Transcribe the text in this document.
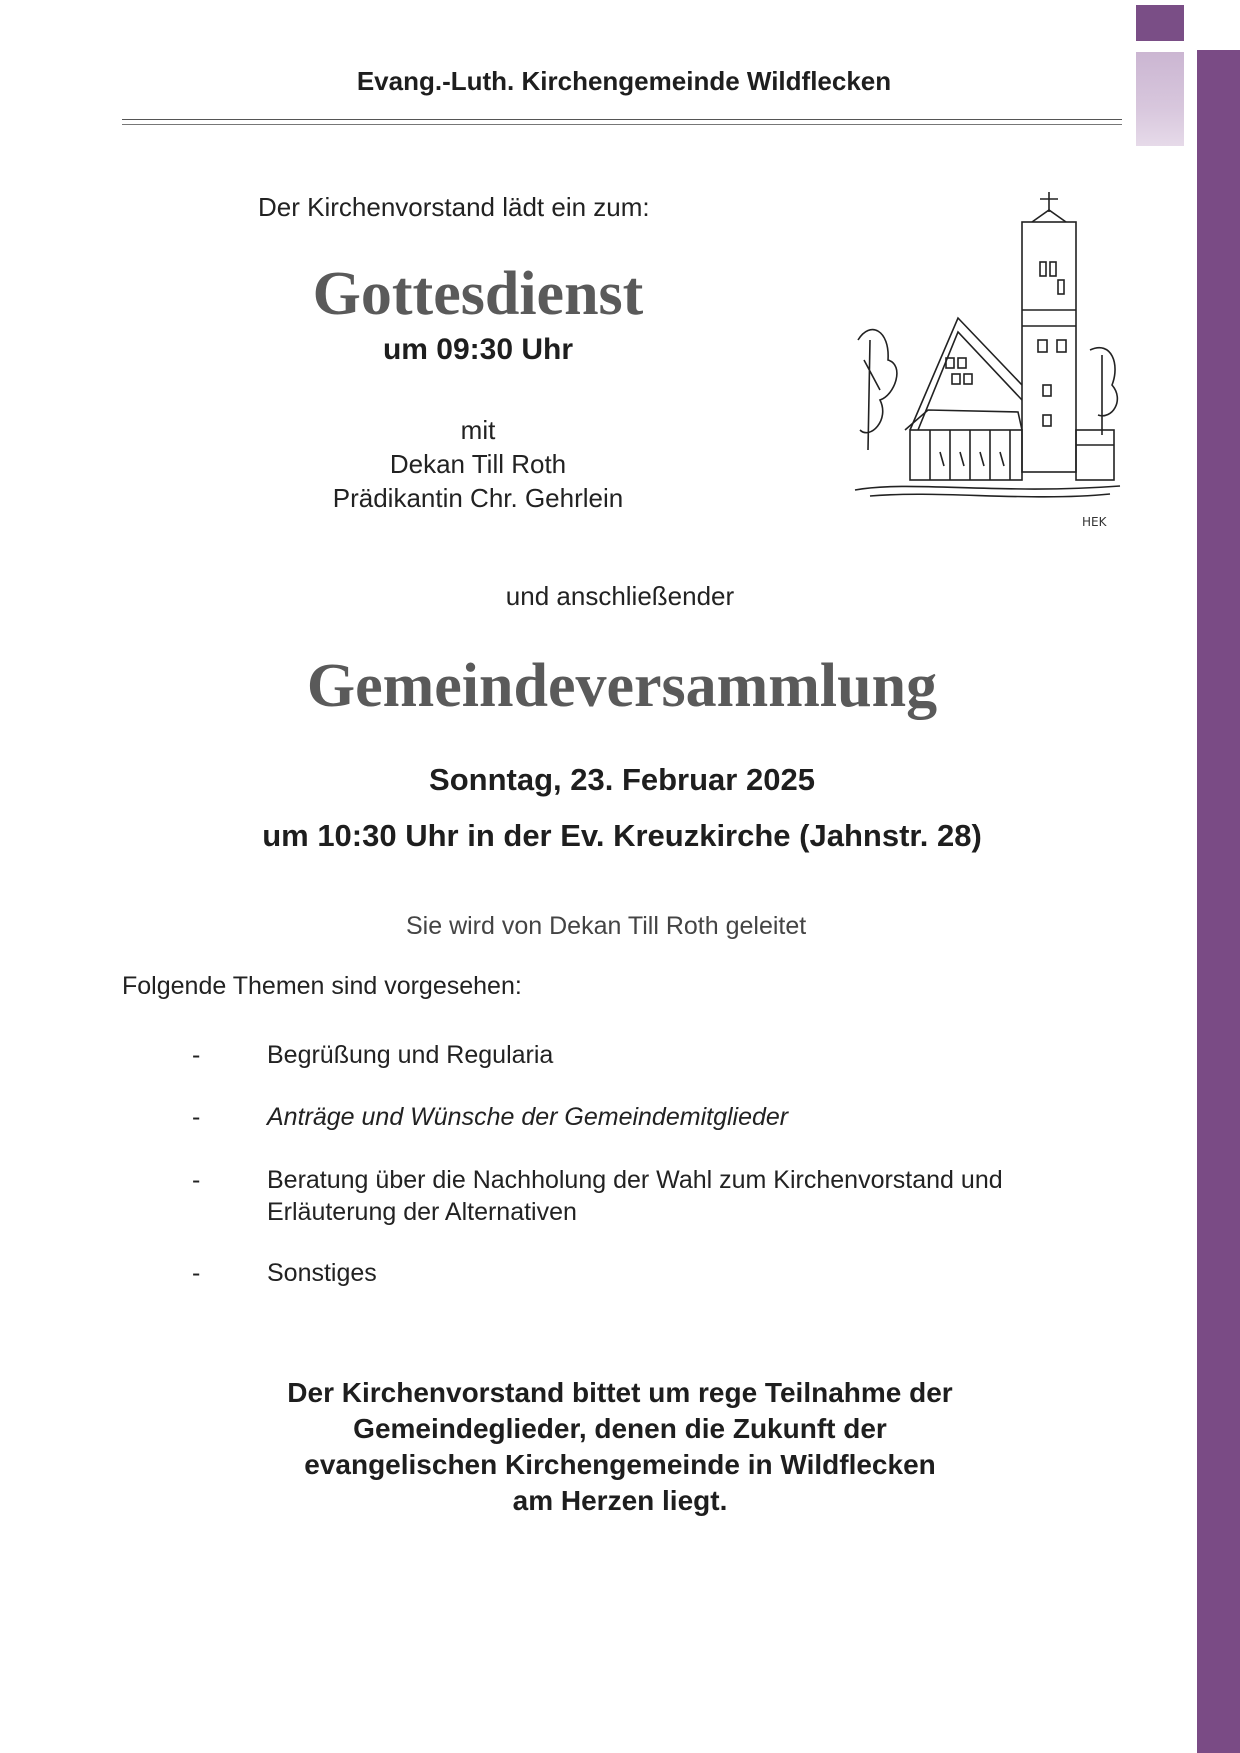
Evang.-Luth. Kirchengemeinde Wildflecken
Der Kirchenvorstand lädt ein zum:
Gottesdienst
um 09:30 Uhr
mit
Dekan Till Roth
Prädikantin Chr. Gehrlein
HEK
und anschließender
Gemeindeversammlung
Sonntag, 23. Februar 2025
um 10:30 Uhr in der Ev. Kreuzkirche (Jahnstr. 28)
Sie wird von Dekan Till Roth geleitet
Folgende Themen sind vorgesehen:
-	Begrüßung und Regularia
-	Anträge und Wünsche der Gemeindemitglieder
-	Beratung über die Nachholung der Wahl zum Kirchenvorstand und
Erläuterung der Alternativen
-	Sonstiges
Der Kirchenvorstand bittet um rege Teilnahme der
Gemeindeglieder, denen die Zukunft der
evangelischen Kirchengemeinde in Wildflecken
am Herzen liegt.
